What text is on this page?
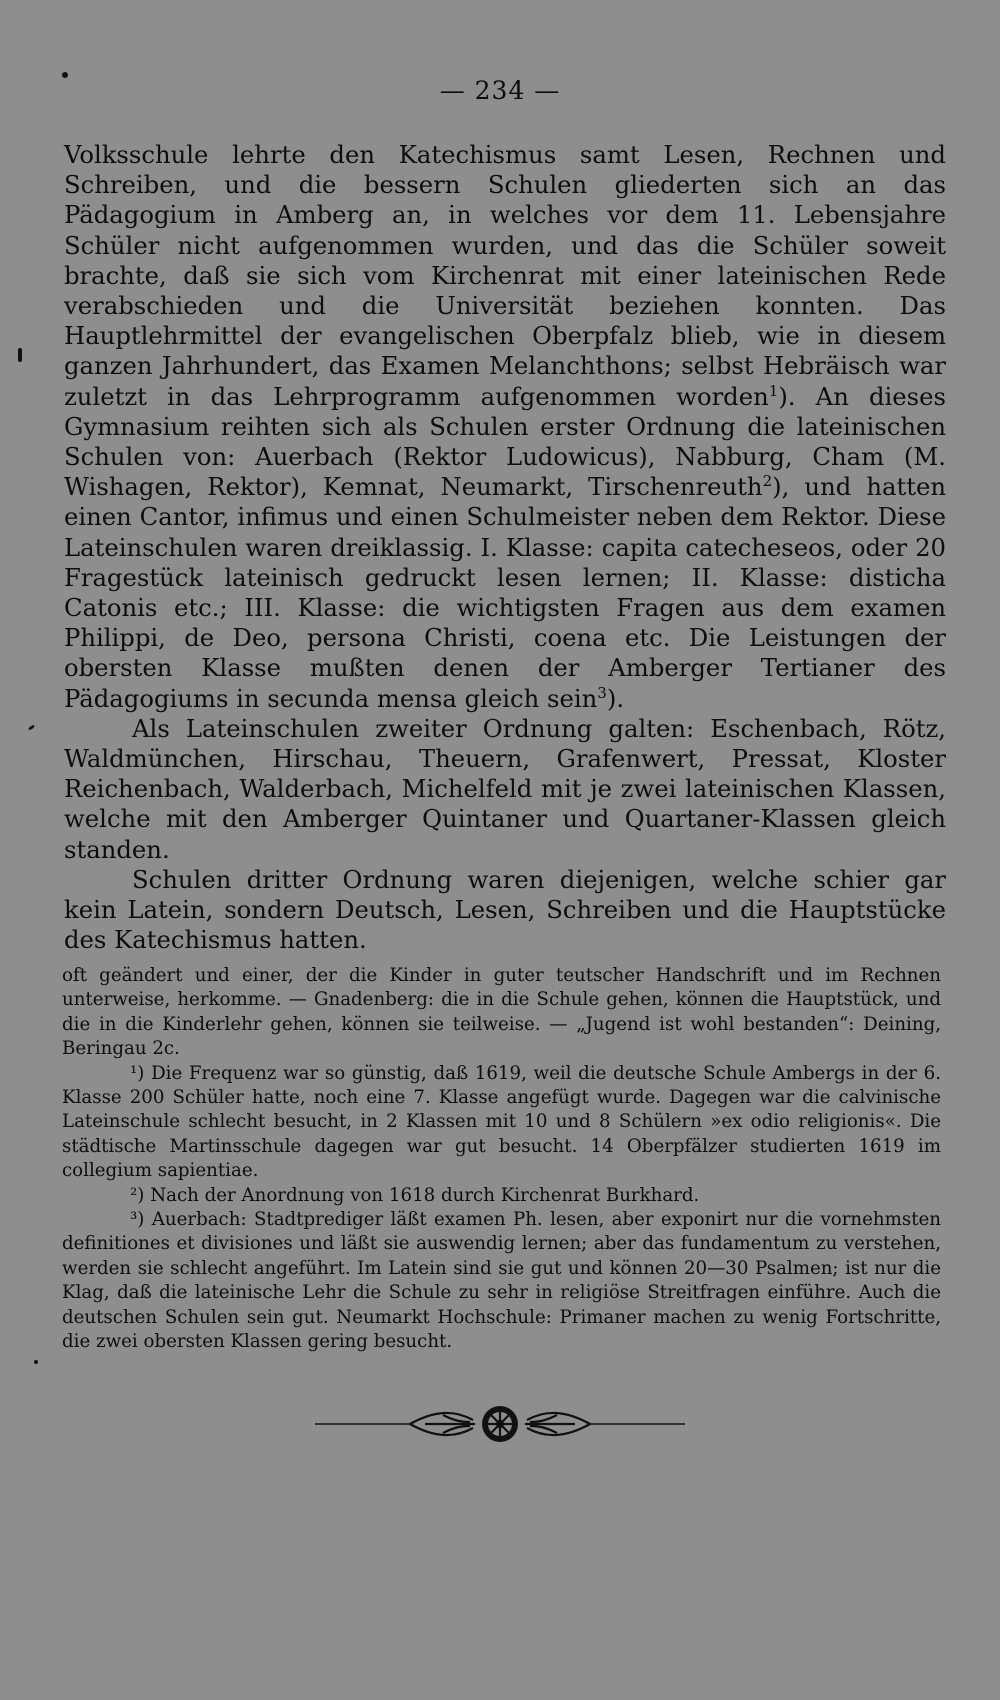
— 234 —

Volksschule lehrte den Katechismus samt Lesen, Rechnen und Schreiben, und die bessern Schulen gliederten sich an das Pädagogium in Amberg an, in welches vor dem 11. Lebensjahre Schüler nicht aufgenommen wurden, und das die Schüler soweit brachte, daß sie sich vom Kirchenrat mit einer lateinischen Rede verabschieden und die Universität beziehen konnten. Das Hauptlehrmittel der evangelischen Oberpfalz blieb, wie in diesem ganzen Jahrhundert, das Examen Melanchthons; selbst Hebräisch war zuletzt in das Lehrprogramm aufgenommen worden$^1$). An dieses Gymnasium reihten sich als Schulen erster Ordnung die lateinischen Schulen von: Auerbach (Rektor Ludowicus), Nabburg, Cham (M. Wishagen, Rektor), Kemnat, Neumarkt, Tirschenreuth$^2$), und hatten einen Cantor, infimus und einen Schulmeister neben dem Rektor. Diese Lateinschulen waren dreiklassig. I. Klasse: capita catecheseos, oder 20 Fragestück lateinisch gedruckt lesen lernen; II. Klasse: disticha Catonis etc.; III. Klasse: die wichtigsten Fragen aus dem examen Philippi, de Deo, persona Christi, coena etc. Die Leistungen der obersten Klasse mußten denen der Amberger Tertianer des Pädagogiums in secunda mensa gleich sein$^3$).

Als Lateinschulen zweiter Ordnung galten: Eschenbach, Rötz, Waldmünchen, Hirschau, Theuern, Grafenwert, Pressat, Kloster Reichenbach, Walderbach, Michelfeld mit je zwei lateinischen Klassen, welche mit den Amberger Quintaner und Quartaner-Klassen gleich standen.

Schulen dritter Ordnung waren diejenigen, welche schier gar kein Latein, sondern Deutsch, Lesen, Schreiben und die Hauptstücke des Katechismus hatten.

oft geändert und einer, der die Kinder in guter teutscher Handschrift und im Rechnen unterweise, herkomme. — Gnadenberg: die in die Schule gehen, können die Hauptstück, und die in die Kinderlehr gehen, können sie teilweise. — „Jugend ist wohl bestanden“: Deining, Beringau 2c.

¹) Die Frequenz war so günstig, daß 1619, weil die deutsche Schule Ambergs in der 6. Klasse 200 Schüler hatte, noch eine 7. Klasse angefügt wurde. Dagegen war die calvinische Lateinschule schlecht besucht, in 2 Klassen mit 10 und 8 Schülern »ex odio religionis«. Die städtische Martinsschule dagegen war gut besucht. 14 Oberpfälzer studierten 1619 im collegium sapientiae.

²) Nach der Anordnung von 1618 durch Kirchenrat Burkhard.

³) Auerbach: Stadtprediger läßt examen Ph. lesen, aber exponirt nur die vornehmsten definitiones et divisiones und läßt sie auswendig lernen; aber das fundamentum zu verstehen, werden sie schlecht angeführt. Im Latein sind sie gut und können 20—30 Psalmen; ist nur die Klag, daß die lateinische Lehr die Schule zu sehr in religiöse Streitfragen einführe. Auch die deutschen Schulen sein gut. Neumarkt Hochschule: Primaner machen zu wenig Fortschritte, die zwei obersten Klassen gering besucht.
